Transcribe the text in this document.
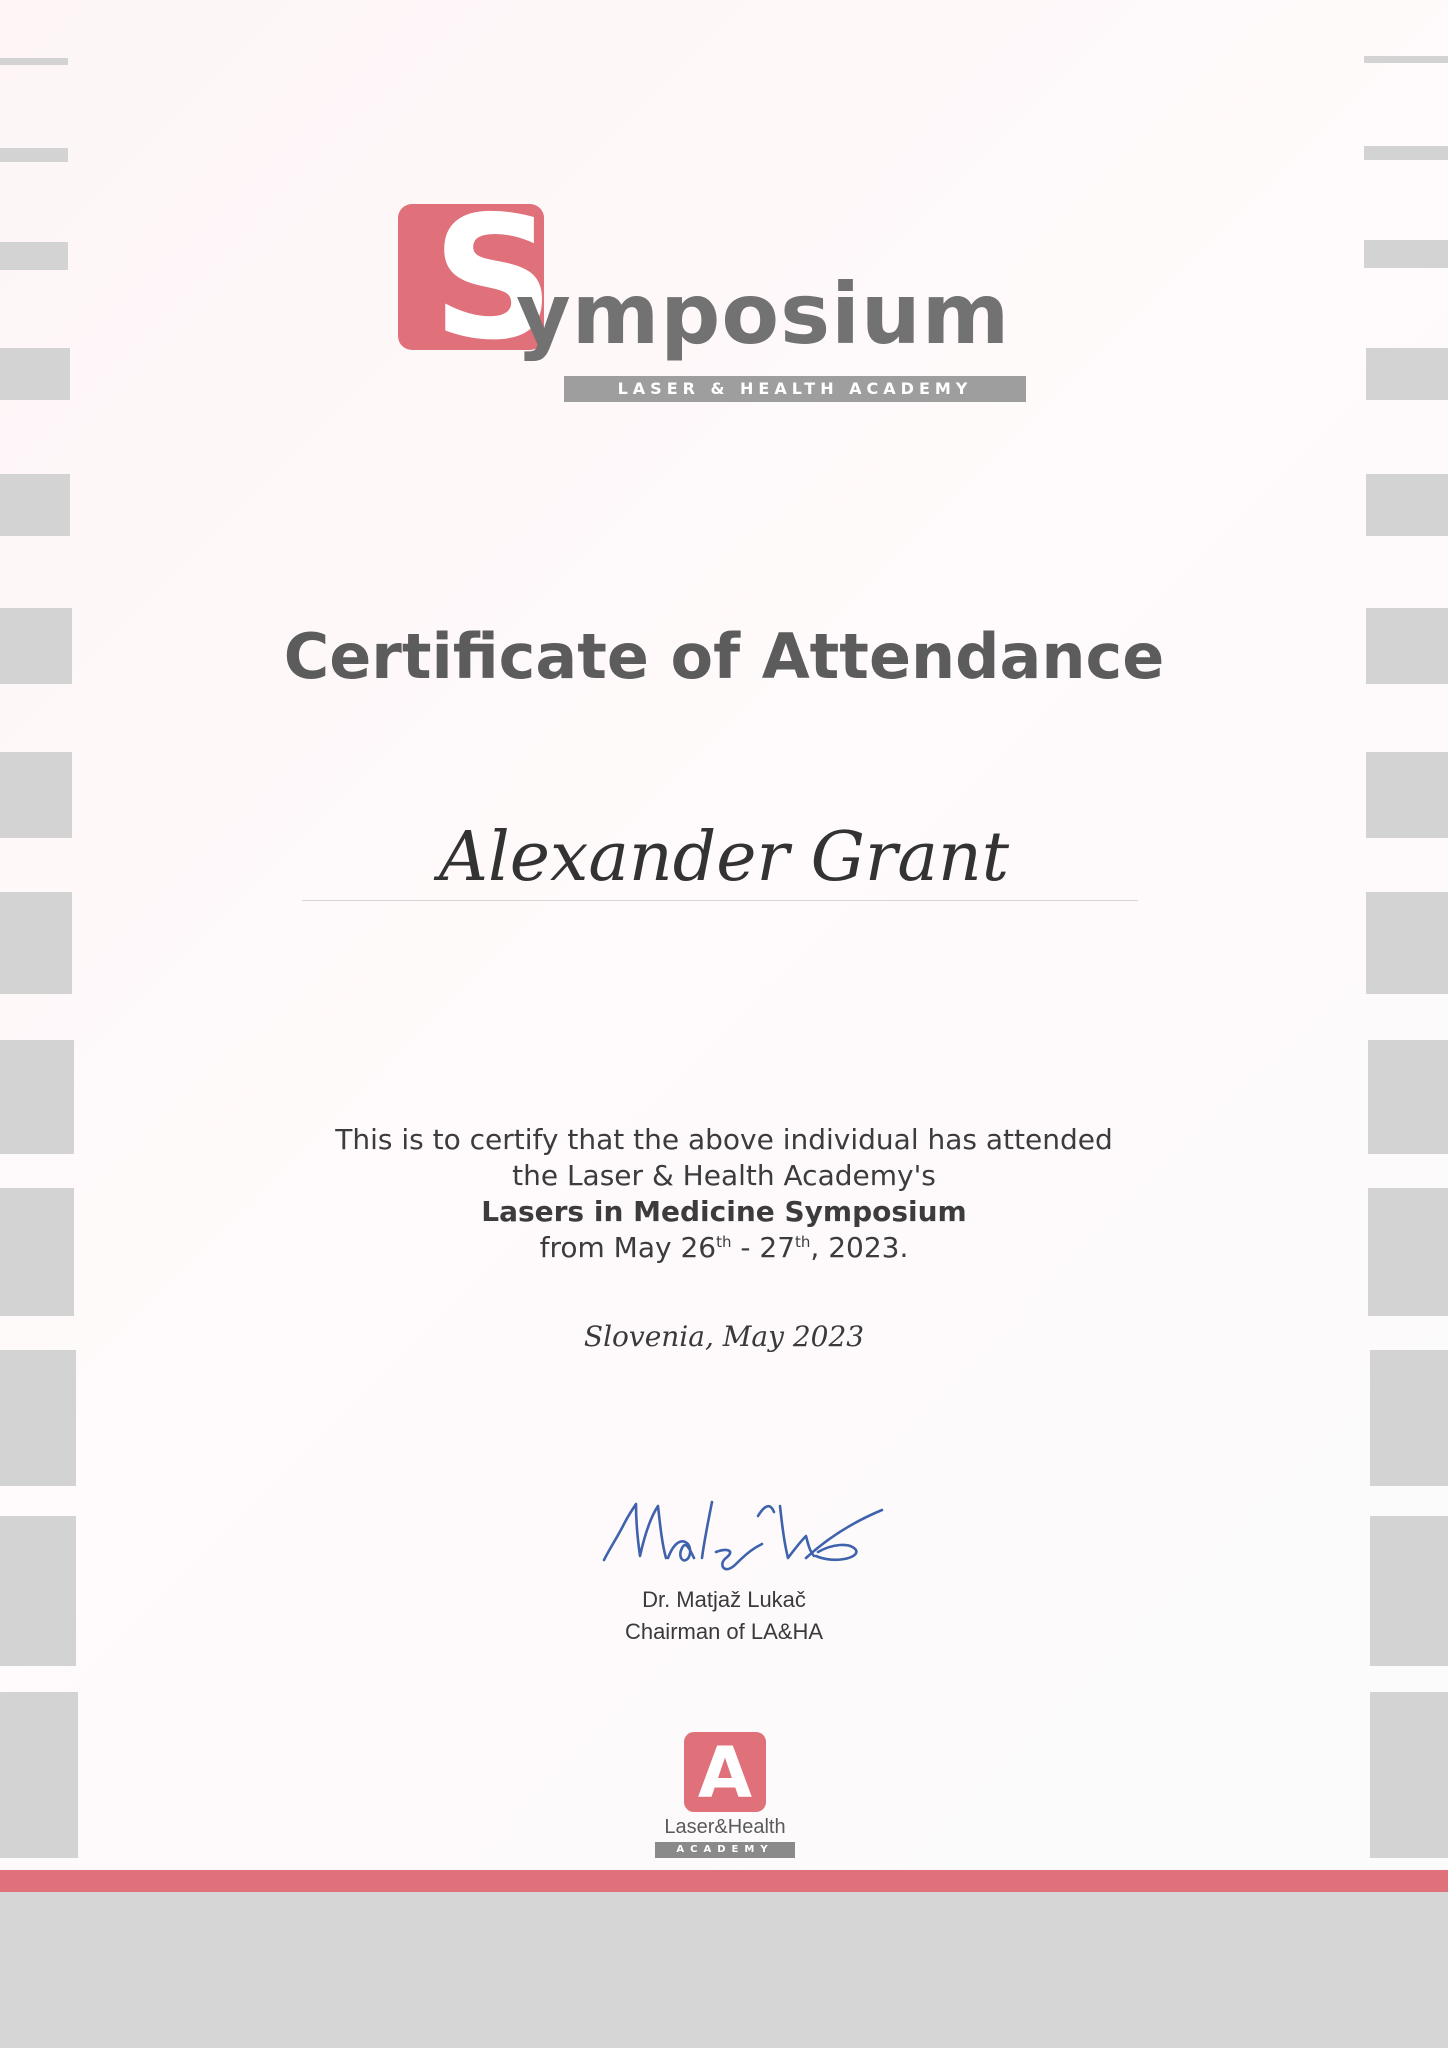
S
ymposium
LASER & HEALTH ACADEMY
Certificate of Attendance
Alexander Grant
This is to certify that the above individual has attended
the Laser & Health Academy's
Lasers in Medicine Symposium
from May 26th - 27th, 2023.
Slovenia, May 2023
Dr. Matjaž Lukač
Chairman of LA&HA
A
Laser&Health
ACADEMY
